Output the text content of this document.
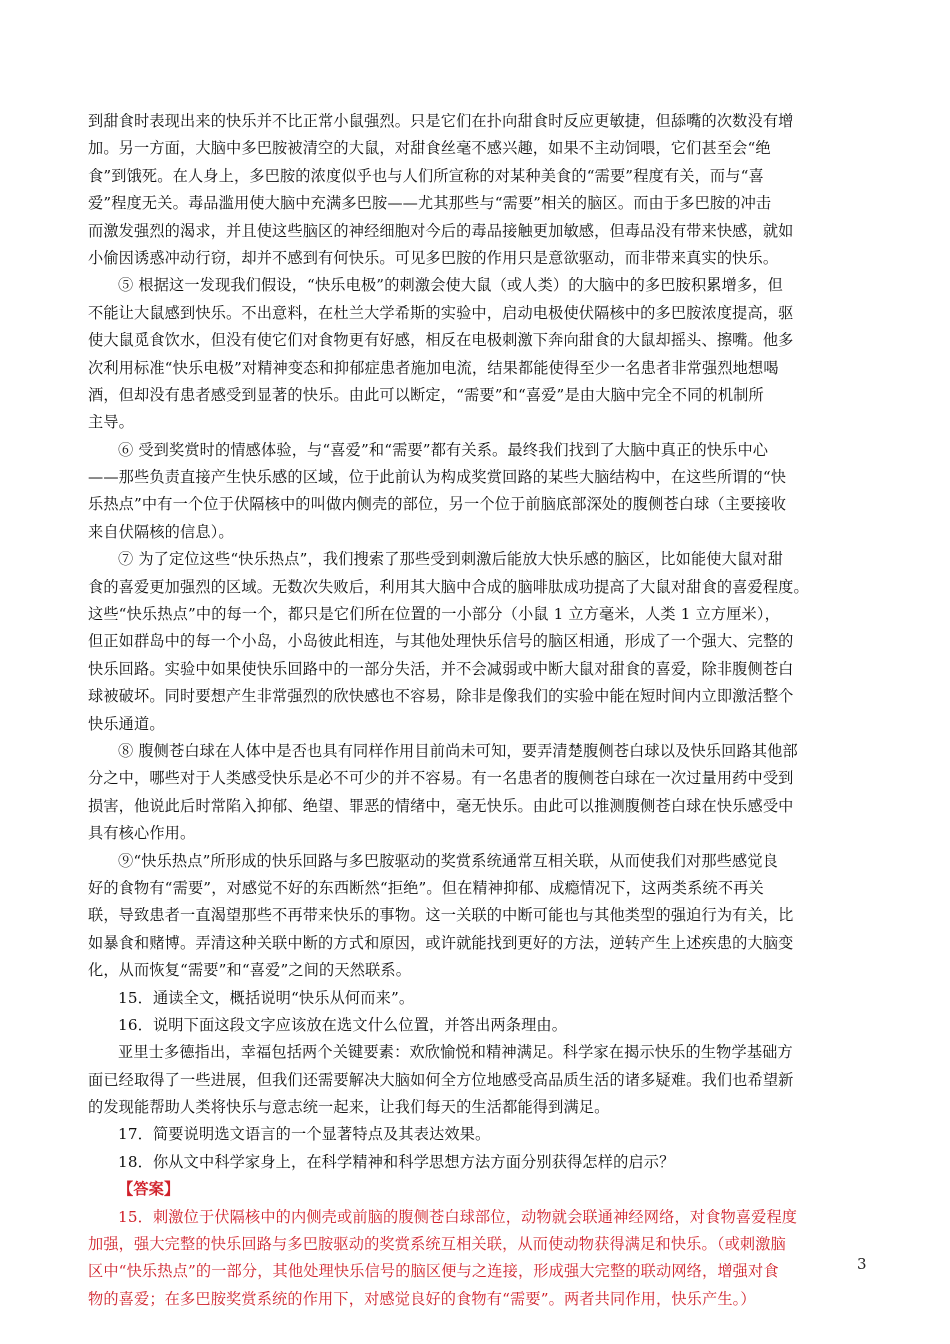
到甜食时表现出来的快乐并不比正常小鼠强烈。只是它们在扑向甜食时反应更敏捷，但舔嘴的次数没有增
加。另一方面，大脑中多巴胺被清空的大鼠，对甜食丝毫不感兴趣，如果不主动饲喂，它们甚至会“绝
食”到饿死。在人身上，多巴胺的浓度似乎也与人们所宣称的对某种美食的“需要”程度有关，而与“喜
爱”程度无关。毒品滥用使大脑中充满多巴胺——尤其那些与“需要”相关的脑区。而由于多巴胺的冲击
而激发强烈的渴求，并且使这些脑区的神经细胞对今后的毒品接触更加敏感，但毒品没有带来快感，就如
小偷因诱惑冲动行窃，却并不感到有何快乐。可见多巴胺的作用只是意欲驱动，而非带来真实的快乐。
⑤ 根据这一发现我们假设，“快乐电极”的刺激会使大鼠（或人类）的大脑中的多巴胺积累增多，但
不能让大鼠感到快乐。不出意料，在杜兰大学希斯的实验中，启动电极使伏隔核中的多巴胺浓度提高，驱
使大鼠觅食饮水，但没有使它们对食物更有好感，相反在电极刺激下奔向甜食的大鼠却摇头、擦嘴。他多
次利用标准“快乐电极”对精神变态和抑郁症患者施加电流，结果都能使得至少一名患者非常强烈地想喝
酒，但却没有患者感受到显著的快乐。由此可以断定，“需要”和“喜爱”是由大脑中完全不同的机制所
主导。
⑥ 受到奖赏时的情感体验，与“喜爱”和“需要”都有关系。最终我们找到了大脑中真正的快乐中心
——那些负责直接产生快乐感的区域，位于此前认为构成奖赏回路的某些大脑结构中，在这些所谓的“快
乐热点”中有一个位于伏隔核中的叫做内侧壳的部位，另一个位于前脑底部深处的腹侧苍白球（主要接收
来自伏隔核的信息）。
⑦ 为了定位这些“快乐热点”，我们搜索了那些受到刺激后能放大快乐感的脑区，比如能使大鼠对甜
食的喜爱更加强烈的区域。无数次失败后，利用其大脑中合成的脑啡肽成功提高了大鼠对甜食的喜爱程度。
这些“快乐热点”中的每一个，都只是它们所在位置的一小部分（小鼠 1 立方毫米，人类 1 立方厘米），
但正如群岛中的每一个小岛，小岛彼此相连，与其他处理快乐信号的脑区相通，形成了一个强大、完整的
快乐回路。实验中如果使快乐回路中的一部分失活，并不会减弱或中断大鼠对甜食的喜爱，除非腹侧苍白
球被破坏。同时要想产生非常强烈的欣快感也不容易，除非是像我们的实验中能在短时间内立即激活整个
快乐通道。
⑧ 腹侧苍白球在人体中是否也具有同样作用目前尚未可知，要弄清楚腹侧苍白球以及快乐回路其他部
分之中，哪些对于人类感受快乐是必不可少的并不容易。有一名患者的腹侧苍白球在一次过量用药中受到
损害，他说此后时常陷入抑郁、绝望、罪恶的情绪中，毫无快乐。由此可以推测腹侧苍白球在快乐感受中
具有核心作用。
⑨“快乐热点”所形成的快乐回路与多巴胺驱动的奖赏系统通常互相关联，从而使我们对那些感觉良
好的食物有“需要”，对感觉不好的东西断然“拒绝”。但在精神抑郁、成瘾情况下，这两类系统不再关
联，导致患者一直渴望那些不再带来快乐的事物。这一关联的中断可能也与其他类型的强迫行为有关，比
如暴食和赌博。弄清这种关联中断的方式和原因，或许就能找到更好的方法，逆转产生上述疾患的大脑变
化，从而恢复“需要”和“喜爱”之间的天然联系。
15．通读全文，概括说明“快乐从何而来”。
16．说明下面这段文字应该放在选文什么位置，并答出两条理由。
亚里士多德指出，幸福包括两个关键要素：欢欣愉悦和精神满足。科学家在揭示快乐的生物学基础方
面已经取得了一些进展，但我们还需要解决大脑如何全方位地感受高品质生活的诸多疑难。我们也希望新
的发现能帮助人类将快乐与意志统一起来，让我们每天的生活都能得到满足。
17．简要说明选文语言的一个显著特点及其表达效果。
18．你从文中科学家身上，在科学精神和科学思想方法方面分别获得怎样的启示？
【答案】
15．刺激位于伏隔核中的内侧壳或前脑的腹侧苍白球部位，动物就会联通神经网络，对食物喜爱程度
加强，强大完整的快乐回路与多巴胺驱动的奖赏系统互相关联，从而使动物获得满足和快乐。（或刺激脑
区中“快乐热点”的一部分，其他处理快乐信号的脑区便与之连接，形成强大完整的联动网络，增强对食
物的喜爱；在多巴胺奖赏系统的作用下，对感觉良好的食物有“需要”。两者共同作用，快乐产生。）
3
